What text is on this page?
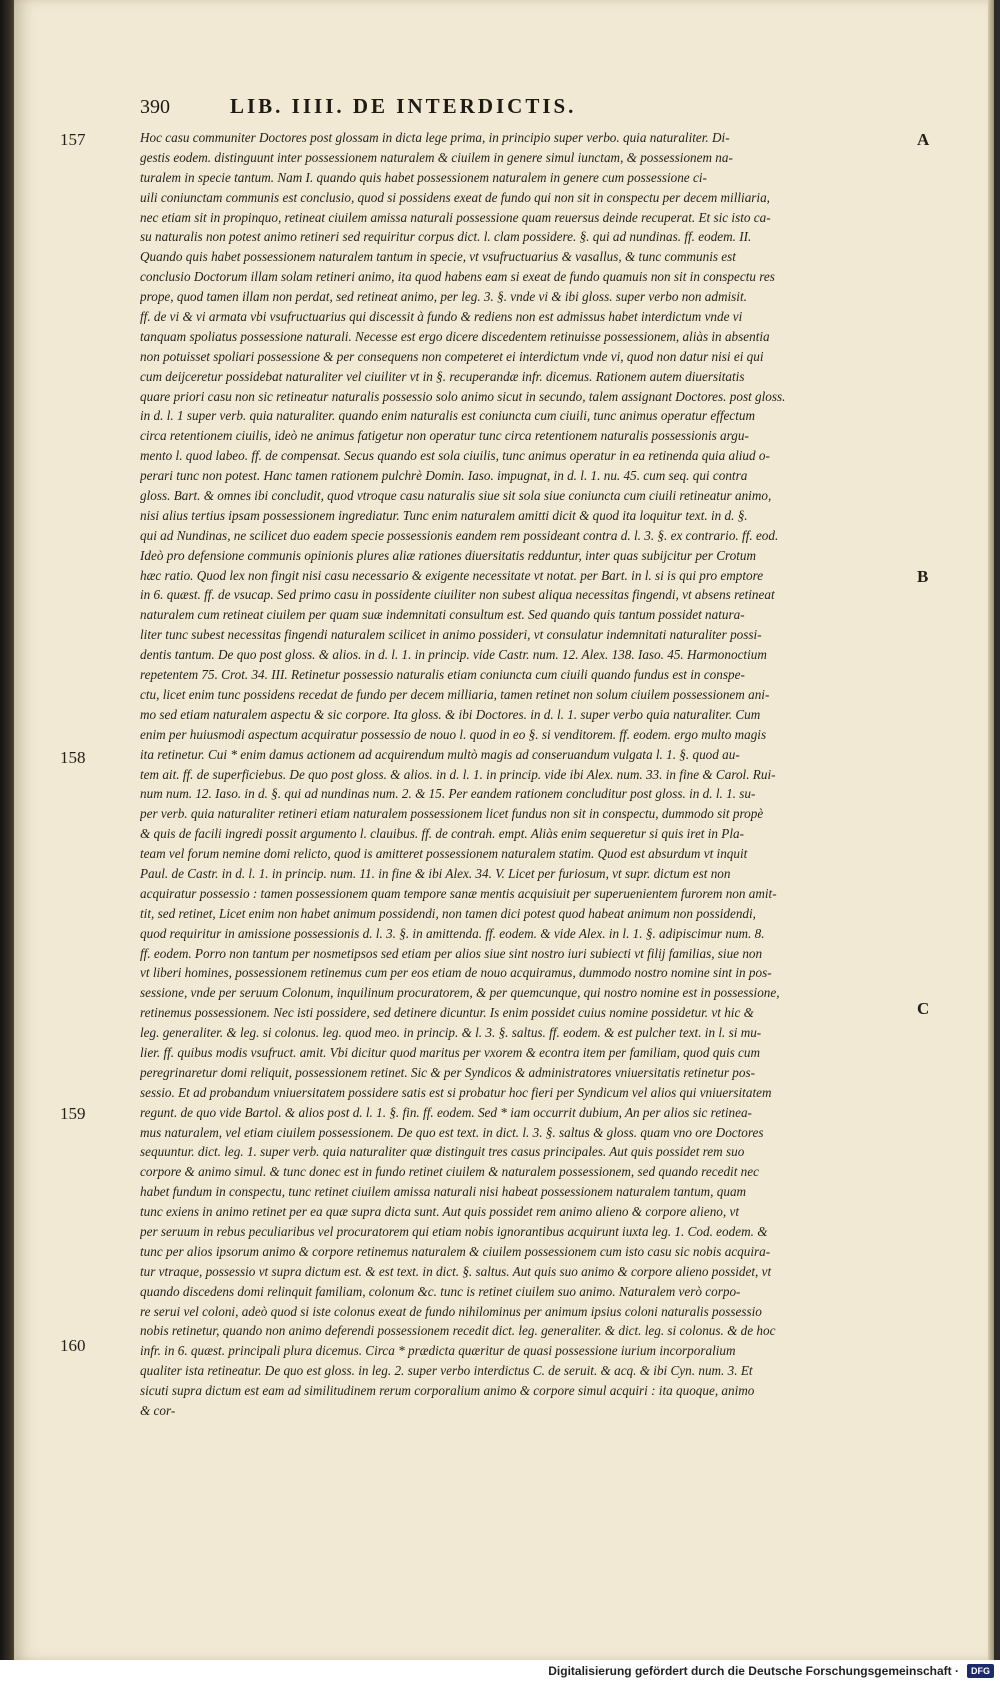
390	LIB. IIII. DE INTERDICTIS.
157
158
159
160
A
B
C
Hoc casu communiter Doctores post glossam in dicta lege prima, in principio super verbo. quia naturaliter. Di-
gestis eodem. distinguunt inter possessionem naturalem & ciuilem in genere simul iunctam, & possessionem na-
turalem in specie tantum. Nam I. quando quis habet possessionem naturalem in genere cum possessione ci-
uili coniunctam communis est conclusio, quod si possidens exeat de fundo qui non sit in conspectu per decem milliaria,
nec etiam sit in propinquo, retineat ciuilem amissa naturali possessione quam reuersus deinde recuperat. Et sic isto ca-
su naturalis non potest animo retineri sed requiritur corpus dict. l. clam possidere. §. qui ad nundinas. ff. eodem. II.
Quando quis habet possessionem naturalem tantum in specie, vt vsufructuarius & vasallus, & tunc communis est
conclusio Doctorum illam solam retineri animo, ita quod habens eam si exeat de fundo quamuis non sit in conspectu res
prope, quod tamen illam non perdat, sed retineat animo, per leg. 3. §. vnde vi & ibi gloss. super verbo non admisit.
ff. de vi & vi armata vbi vsufructuarius qui discessit à fundo & rediens non est admissus habet interdictum vnde vi
tanquam spoliatus possessione naturali. Necesse est ergo dicere discedentem retinuisse possessionem, aliàs in absentia
non potuisset spoliari possessione & per consequens non competeret ei interdictum vnde vi, quod non datur nisi ei qui
cum deijceretur possidebat naturaliter vel ciuiliter vt in §. recuperandæ infr. dicemus. Rationem autem diuersitatis
quare priori casu non sic retineatur naturalis possessio solo animo sicut in secundo, talem assignant Doctores. post gloss.
in d. l. 1 super verb. quia naturaliter. quando enim naturalis est coniuncta cum ciuili, tunc animus operatur effectum
circa retentionem ciuilis, ideò ne animus fatigetur non operatur tunc circa retentionem naturalis possessionis argu-
mento l. quod labeo. ff. de compensat. Secus quando est sola ciuilis, tunc animus operatur in ea retinenda quia aliud o-
perari tunc non potest. Hanc tamen rationem pulchrè Domin. Iaso. impugnat, in d. l. 1. nu. 45. cum seq. qui contra
gloss. Bart. & omnes ibi concludit, quod vtroque casu naturalis siue sit sola siue coniuncta cum ciuili retineatur animo,
nisi alius tertius ipsam possessionem ingrediatur. Tunc enim naturalem amitti dicit & quod ita loquitur text. in d. §.
qui ad Nundinas, ne scilicet duo eadem specie possessionis eandem rem possideant contra d. l. 3. §. ex contrario. ff. eod.
Ideò pro defensione communis opinionis plures aliæ rationes diuersitatis redduntur, inter quas subijcitur per Crotum
hæc ratio. Quod lex non fingit nisi casu necessario & exigente necessitate vt notat. per Bart. in l. si is qui pro emptore
in 6. quæst. ff. de vsucap. Sed primo casu in possidente ciuiliter non subest aliqua necessitas fingendi, vt absens retineat
naturalem cum retineat ciuilem per quam suæ indemnitati consultum est. Sed quando quis tantum possidet natura-
liter tunc subest necessitas fingendi naturalem scilicet in animo possideri, vt consulatur indemnitati naturaliter possi-
dentis tantum. De quo post gloss. & alios. in d. l. 1. in princip. vide Castr. num. 12. Alex. 138. Iaso. 45. Harmonoctium
repetentem 75. Crot. 34. III. Retinetur possessio naturalis etiam coniuncta cum ciuili quando fundus est in conspe-
ctu, licet enim tunc possidens recedat de fundo per decem milliaria, tamen retinet non solum ciuilem possessionem ani-
mo sed etiam naturalem aspectu & sic corpore. Ita gloss. & ibi Doctores. in d. l. 1. super verbo quia naturaliter. Cum
enim per huiusmodi aspectum acquiratur possessio de nouo l. quod in eo §. si venditorem. ff. eodem. ergo multo magis
ita retinetur. Cui * enim damus actionem ad acquirendum multò magis ad conseruandum vulgata l. 1. §. quod au-
tem ait. ff. de superficiebus. De quo post gloss. & alios. in d. l. 1. in princip. vide ibi Alex. num. 33. in fine & Carol. Rui-
num num. 12. Iaso. in d. §. qui ad nundinas num. 2. & 15. Per eandem rationem concluditur post gloss. in d. l. 1. su-
per verb. quia naturaliter retineri etiam naturalem possessionem licet fundus non sit in conspectu, dummodo sit propè
& quis de facili ingredi possit argumento l. clauibus. ff. de contrah. empt. Aliàs enim sequeretur si quis iret in Pla-
team vel forum nemine domi relicto, quod is amitteret possessionem naturalem statim. Quod est absurdum vt inquit
Paul. de Castr. in d. l. 1. in princip. num. 11. in fine & ibi Alex. 34. V. Licet per furiosum, vt supr. dictum est non
acquiratur possessio : tamen possessionem quam tempore sanæ mentis acquisiuit per superuenientem furorem non amit-
tit, sed retinet, Licet enim non habet animum possidendi, non tamen dici potest quod habeat animum non possidendi,
quod requiritur in amissione possessionis d. l. 3. §. in amittenda. ff. eodem. & vide Alex. in l. 1. §. adipiscimur num. 8.
ff. eodem. Porro non tantum per nosmetipsos sed etiam per alios siue sint nostro iuri subiecti vt filij familias, siue non
vt liberi homines, possessionem retinemus cum per eos etiam de nouo acquiramus, dummodo nostro nomine sint in pos-
sessione, vnde per seruum Colonum, inquilinum procuratorem, & per quemcunque, qui nostro nomine est in possessione,
retinemus possessionem. Nec isti possidere, sed detinere dicuntur. Is enim possidet cuius nomine possidetur. vt hic &
leg. generaliter. & leg. si colonus. leg. quod meo. in princip. & l. 3. §. saltus. ff. eodem. & est pulcher text. in l. si mu-
lier. ff. quibus modis vsufruct. amit. Vbi dicitur quod maritus per vxorem & econtra item per familiam, quod quis cum
peregrinaretur domi reliquit, possessionem retinet. Sic & per Syndicos & administratores vniuersitatis retinetur pos-
sessio. Et ad probandum vniuersitatem possidere satis est si probatur hoc fieri per Syndicum vel alios qui vniuersitatem
regunt. de quo vide Bartol. & alios post d. l. 1. §. fin. ff. eodem. Sed * iam occurrit dubium, An per alios sic retinea-
mus naturalem, vel etiam ciuilem possessionem. De quo est text. in dict. l. 3. §. saltus & gloss. quam vno ore Doctores
sequuntur. dict. leg. 1. super verb. quia naturaliter quæ distinguit tres casus principales. Aut quis possidet rem suo
corpore & animo simul. & tunc donec est in fundo retinet ciuilem & naturalem possessionem, sed quando recedit nec
habet fundum in conspectu, tunc retinet ciuilem amissa naturali nisi habeat possessionem naturalem tantum, quam
tunc exiens in animo retinet per ea quæ supra dicta sunt. Aut quis possidet rem animo alieno & corpore alieno, vt
per seruum in rebus peculiaribus vel procuratorem qui etiam nobis ignorantibus acquirunt iuxta leg. 1. Cod. eodem. &
tunc per alios ipsorum animo & corpore retinemus naturalem & ciuilem possessionem cum isto casu sic nobis acquira-
tur vtraque, possessio vt supra dictum est. & est text. in dict. §. saltus. Aut quis suo animo & corpore alieno possidet, vt
quando discedens domi relinquit familiam, colonum &c. tunc is retinet ciuilem suo animo. Naturalem verò corpo-
re serui vel coloni, adeò quod si iste colonus exeat de fundo nihilominus per animum ipsius coloni naturalis possessio
nobis retinetur, quando non animo deferendi possessionem recedit dict. leg. generaliter. & dict. leg. si colonus. & de hoc
infr. in 6. quæst. principali plura dicemus. Circa * prædicta quæritur de quasi possessione iurium incorporalium
qualiter ista retineatur. De quo est gloss. in leg. 2. super verbo interdictus C. de seruit. & acq. & ibi Cyn. num. 3. Et
sicuti supra dictum est eam ad similitudinem rerum corporalium animo & corpore simul acquiri : ita quoque, animo
& cor-
Digitalisierung gefördert durch die Deutsche Forschungsgemeinschaft ·	DFG
